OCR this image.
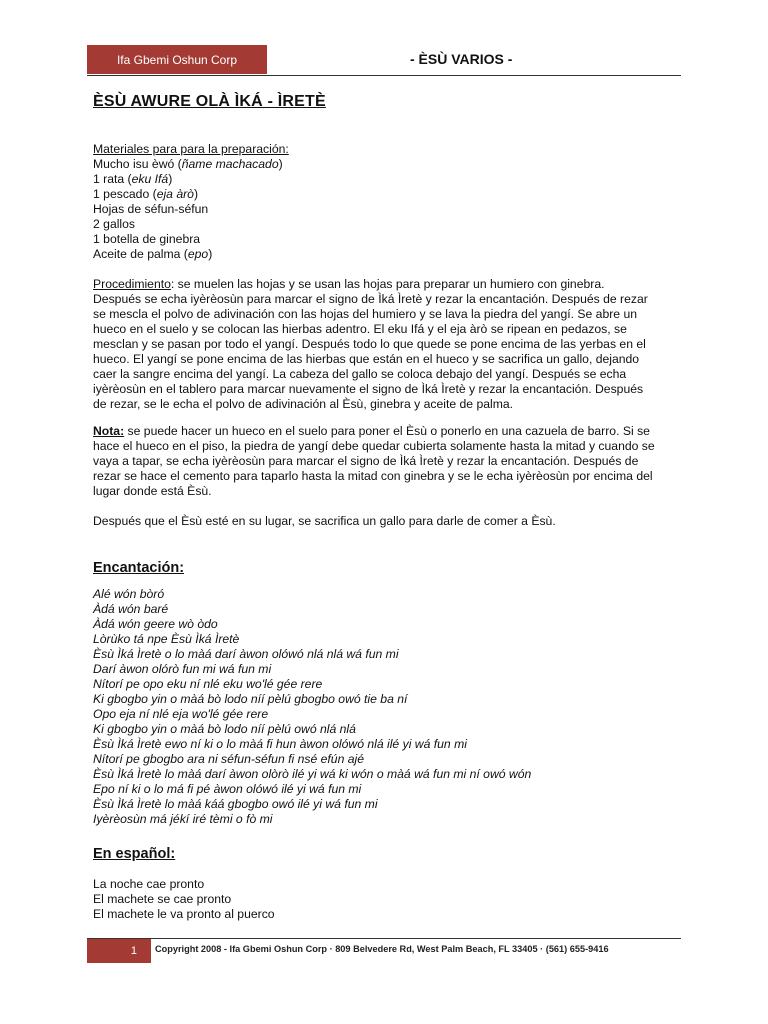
Ifa Gbemi Oshun Corp	- ÈSÙ VARIOS -
ÈSÙ AWURE OLÀ ÌKÁ - ÌRETÈ
Materiales para para la preparación:
Mucho isu èwó (ñame machacado)
1 rata (eku Ifá)
1 pescado (eja àrò)
Hojas de séfun-séfun
2 gallos
1 botella de ginebra
Aceite de palma (epo)
Procedimiento: se muelen las hojas y se usan las hojas para preparar un humiero con ginebra.
Después se echa iyèrèosùn para marcar el signo de Ìká Ìretè y rezar la encantación. Después de rezar
se mescla el polvo de adivinación con las hojas del humiero y se lava la piedra del yangí. Se abre un
hueco en el suelo y se colocan las hierbas adentro. El eku Ifá y el eja àrò se ripean en pedazos, se
mesclan y se pasan por todo el yangí. Después todo lo que quede se pone encima de las yerbas en el
hueco. El yangí se pone encima de las hierbas que están en el hueco y se sacrifica un gallo, dejando
caer la sangre encima del yangí. La cabeza del gallo se coloca debajo del yangí. Después se echa
iyèrèosùn en el tablero para marcar nuevamente el signo de Ìká Ìretè y rezar la encantación. Después
de rezar, se le echa el polvo de adivinación al Èsù, ginebra y aceite de palma.
Nota: se puede hacer un hueco en el suelo para poner el Èsù o ponerlo en una cazuela de barro. Si se
hace el hueco en el piso, la piedra de yangí debe quedar cubierta solamente hasta la mitad y cuando se
vaya a tapar, se echa iyèrèosùn para marcar el signo de Ìká Ìretè y rezar la encantación. Después de
rezar se hace el cemento para taparlo hasta la mitad con ginebra y se le echa iyèrèosùn por encima del
lugar donde está Èsù.
Después que el Èsù esté en su lugar, se sacrifica un gallo para darle de comer a Èsù.
Encantación:
Alé wón bòró
Àdá wón baré
Àdá wón geere wò òdo
Lòrùko tá npe Èsù Ìká Ìretè
Èsù Ìká Ìretè o lo màá darí àwon olówó nlá nlá wá fun mi
Darí àwon olórò fun mi wá fun mi
Nítorí pe opo eku ní nlé eku wo'lé gée rere
Ki gbogbo yin o màá bò lodo níí pèlú gbogbo owó tie ba ní
Opo eja ní nlé eja wo'lé gée rere
Ki gbogbo yin o màá bò lodo níí pèlú owó nlá nlá
Èsù Ìká Ìretè ewo ní ki o lo màá fi hun àwon olówó nlá ilé yi wá fun mi
Nítorí pe gbogbo ara ni séfun-séfun fi nsé efún ajé
Èsù Ìká Ìretè lo màá darí àwon olòrò ilé yi wá ki wón o màá wá fun mi ní owó wón
Epo ní ki o lo má fi pé àwon olówó ilé yi wá fun mi
Èsù Ìká Ìretè lo màá káá gbogbo owó ilé yi wá fun mi
Iyèrèosùn má jékí iré tèmi o fò mi
En español:
La noche cae pronto
El machete se cae pronto
El machete le va pronto al puerco
1 Copyright 2008 - Ifa Gbemi Oshun Corp · 809 Belvedere Rd, West Palm Beach, FL 33405 · (561) 655-9416
